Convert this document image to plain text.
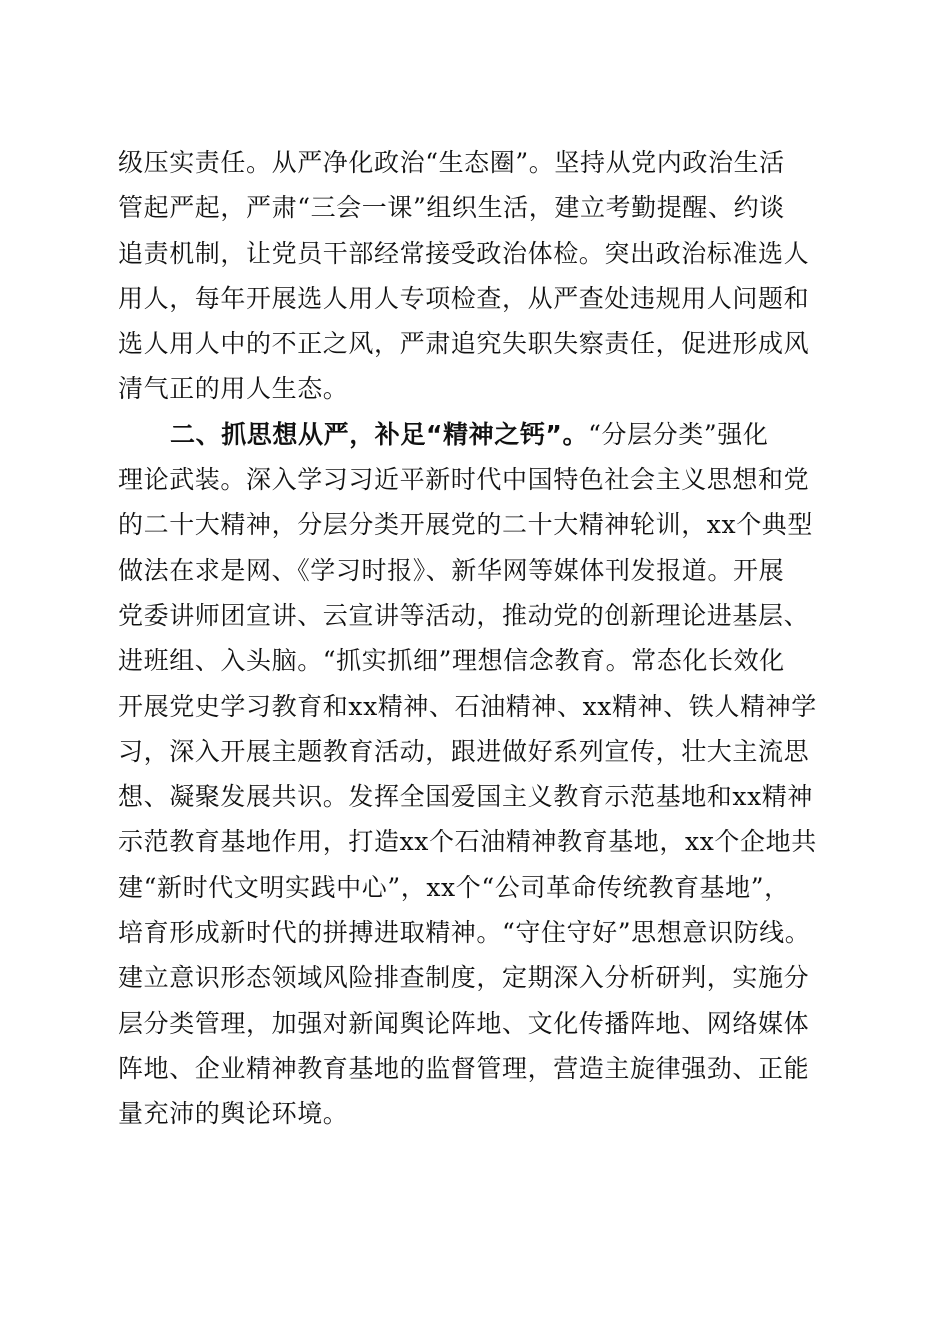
级压实责任。从严净化政治“生态圈”。坚持从党内政治生活
管起严起，严肃“三会一课”组织生活，建立考勤提醒、约谈
追责机制，让党员干部经常接受政治体检。突出政治标准选人
用人，每年开展选人用人专项检查，从严查处违规用人问题和
选人用人中的不正之风，严肃追究失职失察责任，促进形成风
清气正的用人生态。
二、抓思想从严，补足“精神之钙”。“分层分类”强化
理论武装。深入学习习近平新时代中国特色社会主义思想和党
的二十大精神，分层分类开展党的二十大精神轮训，xx个典型
做法在求是网、《学习时报》、新华网等媒体刊发报道。开展
党委讲师团宣讲、云宣讲等活动，推动党的创新理论进基层、
进班组、入头脑。“抓实抓细”理想信念教育。常态化长效化
开展党史学习教育和xx精神、石油精神、xx精神、铁人精神学
习，深入开展主题教育活动，跟进做好系列宣传，壮大主流思
想、凝聚发展共识。发挥全国爱国主义教育示范基地和xx精神
示范教育基地作用，打造xx个石油精神教育基地，xx个企地共
建“新时代文明实践中心”，xx个“公司革命传统教育基地”，
培育形成新时代的拼搏进取精神。“守住守好”思想意识防线。
建立意识形态领域风险排查制度，定期深入分析研判，实施分
层分类管理，加强对新闻舆论阵地、文化传播阵地、网络媒体
阵地、企业精神教育基地的监督管理，营造主旋律强劲、正能
量充沛的舆论环境。
